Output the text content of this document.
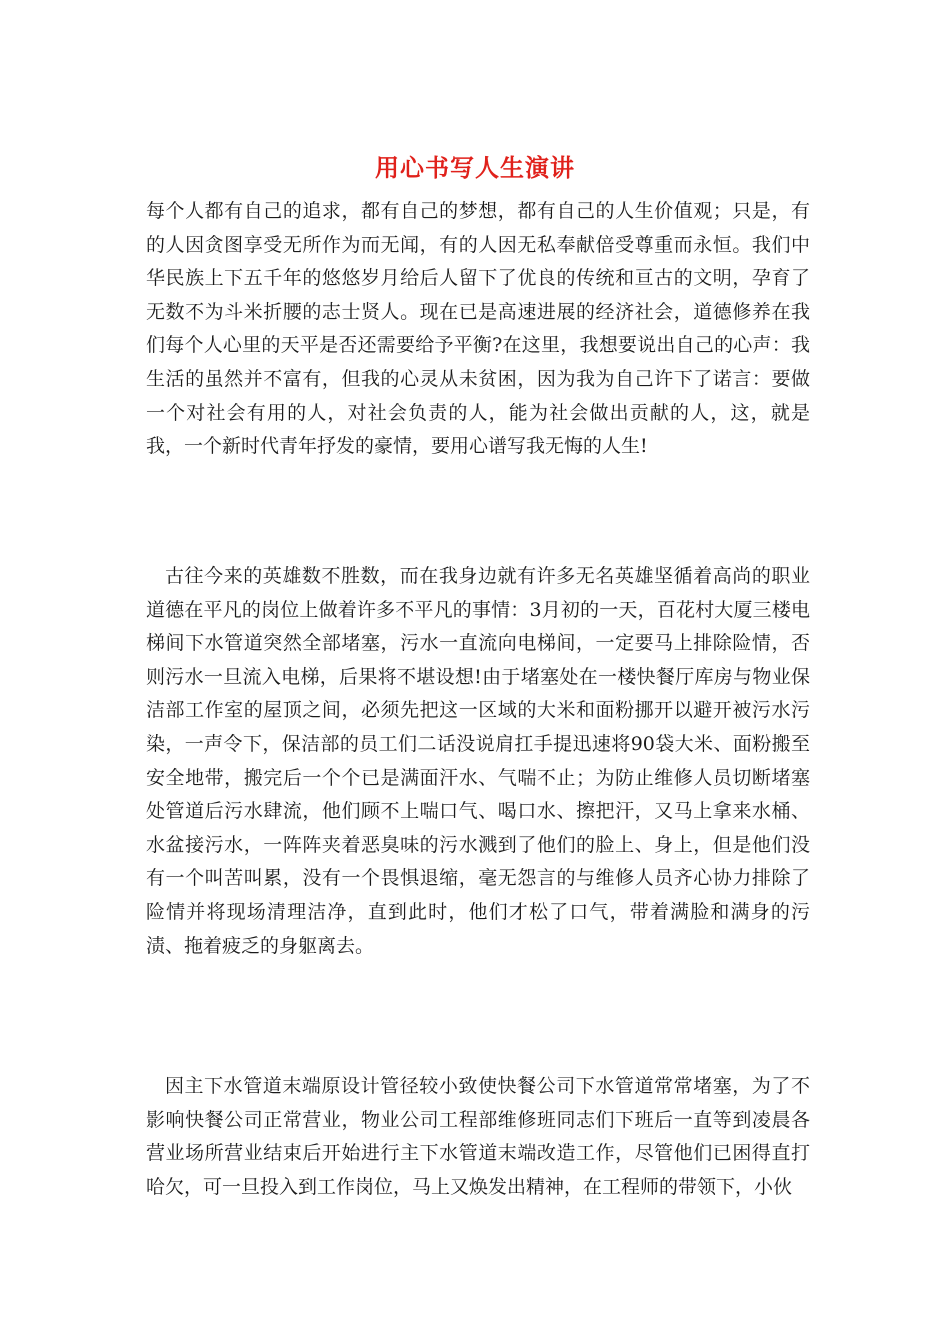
用心书写人生演讲

每个人都有自己的追求，都有自己的梦想，都有自己的人生价值观；只是，有的人因贪图享受无所作为而无闻，有的人因无私奉献倍受尊重而永恒。我们中华民族上下五千年的悠悠岁月给后人留下了优良的传统和亘古的文明，孕育了无数不为斗米折腰的志士贤人。现在已是高速进展的经济社会，道德修养在我们每个人心里的天平是否还需要给予平衡?在这里，我想要说出自己的心声：我生活的虽然并不富有，但我的心灵从未贫困，因为我为自己许下了诺言：要做一个对社会有用的人，对社会负责的人，能为社会做出贡献的人，这，就是我，一个新时代青年抒发的豪情，要用心谱写我无悔的人生!

古往今来的英雄数不胜数，而在我身边就有许多无名英雄坚循着高尚的职业道德在平凡的岗位上做着许多不平凡的事情：3月初的一天，百花村大厦三楼电梯间下水管道突然全部堵塞，污水一直流向电梯间，一定要马上排除险情，否则污水一旦流入电梯，后果将不堪设想!由于堵塞处在一楼快餐厅库房与物业保洁部工作室的屋顶之间，必须先把这一区域的大米和面粉挪开以避开被污水污染，一声令下，保洁部的员工们二话没说肩扛手提迅速将90袋大米、面粉搬至安全地带，搬完后一个个已是满面汗水、气喘不止；为防止维修人员切断堵塞处管道后污水肆流，他们顾不上喘口气、喝口水、擦把汗，又马上拿来水桶、水盆接污水，一阵阵夹着恶臭味的污水溅到了他们的脸上、身上，但是他们没有一个叫苦叫累，没有一个畏惧退缩，毫无怨言的与维修人员齐心协力排除了险情并将现场清理洁净，直到此时，他们才松了口气，带着满脸和满身的污渍、拖着疲乏的身躯离去。

因主下水管道末端原设计管径较小致使快餐公司下水管道常常堵塞，为了不影响快餐公司正常营业，物业公司工程部维修班同志们下班后一直等到凌晨各营业场所营业结束后开始进行主下水管道末端改造工作，尽管他们已困得直打哈欠，可一旦投入到工作岗位，马上又焕发出精神，在工程师的带领下，小伙
